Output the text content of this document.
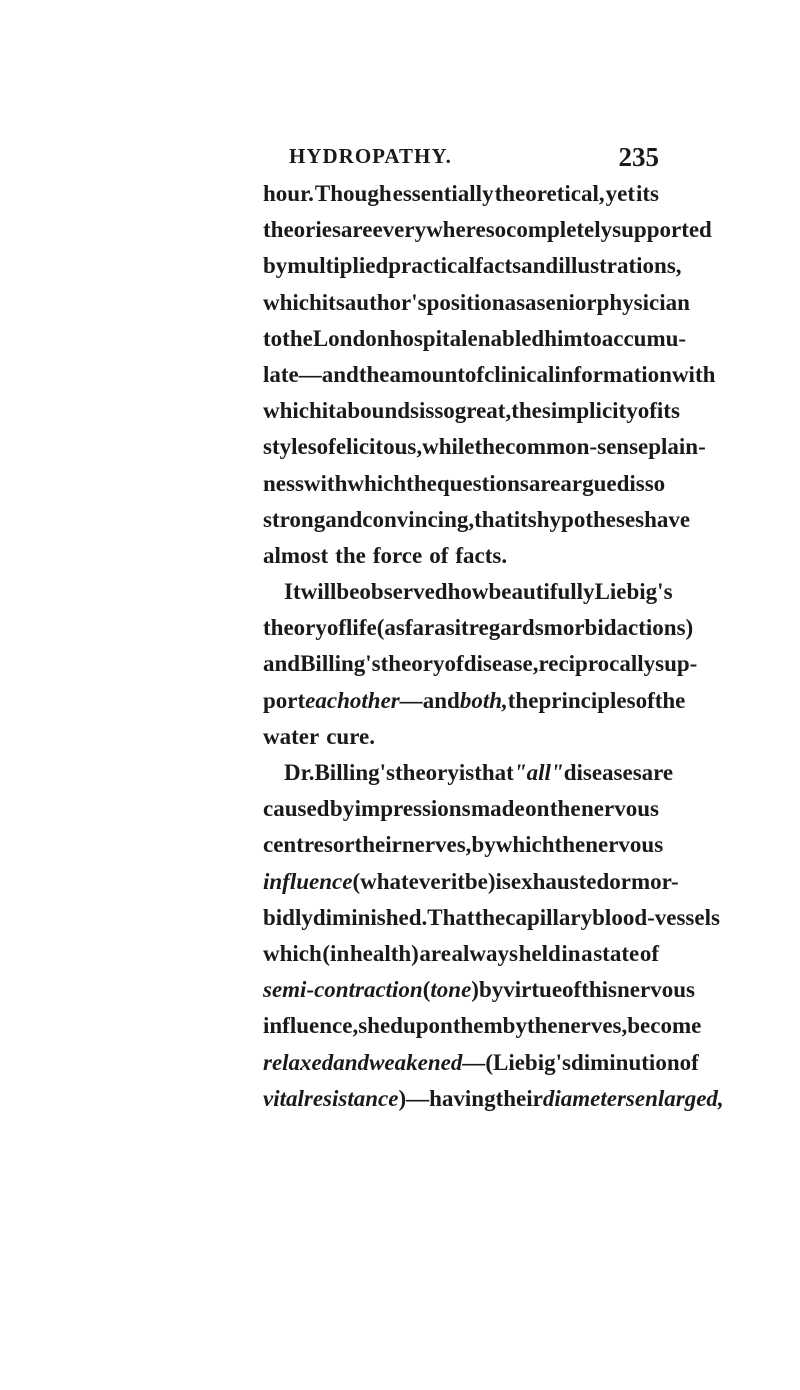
HYDROPATHY.	235
hour. Though essentially theoretical, yet its
theories are everywhere so completely supported
by multiplied practical facts and illustrations,
which its author's position as a senior physician
to the London hospital enabled him to accumu-
late—and the amount of clinical information with
which it abounds is so great, the simplicity of its
style so felicitous, while the common-sense plain-
ness with which the questions are argued is so
strong and convincing, that its hypotheses have
almost the force of facts.
It will be observed how beautifully Liebig's
theory of life (as far as it regards morbid actions)
and Billing's theory of disease, reciprocally sup-
port each other—and both, the principles of the
water cure.
Dr. Billing's theory is that "all" diseases are
caused by impressions made on the nervous
centres or their nerves, by which the nervous
influence (whatever it be) is exhausted or mor-
bidly diminished. That the capillary blood-vessels
which (in health) are always held in a state of
semi-contraction (tone) by virtue of this nervous
influence, shed upon them by the nerves, become
relaxed and weakened—(Liebig's diminution of
vital resistance)—having their diameters enlarged,
